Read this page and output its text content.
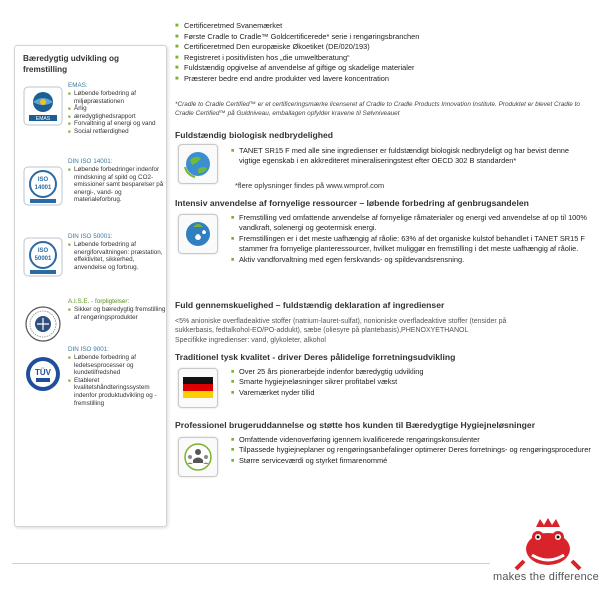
■ Certificeretmed Svanemærket
■ Første Cradle to Cradle™ Goldcertificerede* serie i rengøringsbranchen
■ Certificeretmed Den europæiske Økoetiket (DE/020/193)
■ Registreret i positivlisten hos „die umweltberatung“
■ Fuldstændig opgivelse af anvendelse af giftige og skadelige materialer
■ Præsterer bedre end andre produkter ved lavere koncentration
*Cradle to Cradle Certified™ er et certificeringsmærke licenseret af Cradle to Cradle Products Innovation Institute. Produktet er blevet Cradle to Cradle Certified™ på Guldniveau, emballagen opfylder kravene til Sølvniveauet
Bæredygtig udvikling og fremstilling
EMAS
EMAS:
■ Løbende forbedring af miljøpræstationen
■ Årlig
■ æredygtighedsrapport
■ Forvaltning af energi og vand
■ Social retfærdighed
ISO
14001
DIN ISO 14001:
■ Løbende forbedringer indenfor mindskning af spild og CO2-emissioner samt besparelser på energi-, vand- og materialeforbrug.
ISO
50001
DIN ISO 50001:
■ Løbende forbedring af energiforvaltningen: præstation, effektivitet, sikkerhed, anvendelse og forbrug.
A.I.S.E. - forpligtelser:
■ Sikker og bæredygtig fremstilling af rengøringsprodukter
TÜV
DIN ISO 9001:
■ Løbende forbedring af ledelsesprocesser og kundetilfredshed
■ Etableret kvalitetshåndteringssystem indenfor produktudvikling og -fremstilling
Fuldstændig biologisk nedbrydelighed
■ TANET SR15 F med alle sine ingredienser er fuldstændigt biologisk nedbrydeligt og har bevist denne vigtige egenskab i en akkrediteret mineraliseringstest efter OECD 302 B standarden*
*flere oplysninger findes på www.wmprof.com
Intensiv anvendelse af fornyelige ressourcer – løbende forbedring af genbrugsandelen
■ Fremstilling ved omfattende anvendelse af fornyelige råmaterialer og energi ved anvendelse af op til 100% vandkraft, solenergi og geotermisk energi.
■ Fremstillingen er i det meste uafhængig af råolie: 63% af det organiske kulstof behandlet i TANET SR15 F stammer fra fornyelige planteressourcer, hvilket muliggør en fremstilling i det meste uafhængig af råolie.
■ Aktiv vandforvaltning med egen ferskvands- og spildevandsrensning.
Fuld gennemskuelighed – fuldstændig deklaration af ingredienser
<5% anioniske overfladeaktive stoffer (natrium-lauret-sulfat), nonioniske overfladeaktive stoffer (tensider på
sukkerbasis, fedtalkohol-EO/PO-addukt), sæbe (oliesyre på plantebasis),PHENOXYETHANOL
Specifikke ingredienser: vand, glykoleter, alkohol
Traditionel tysk kvalitet - driver Deres pålidelige forretningsudvikling
■ Over 25 års pionerarbejde indenfor bæredygtig udvikling
■ Smarte hygiejneløsninger sikrer profitabel vækst
■ Varemærket nyder tillid
Professionel brugeruddannelse og støtte hos kunden til Bæredygtige Hygiejneløsninger
■ Omfattende videnoverføring igennem kvalificerede rengøringskonsulenter
■ Tilpassede hygiejneplaner og rengøringsanbefalinger optimerer Deres forretnings- og rengøringsprocedurer
■ Større serviceværdi og styrket firmarenommé
makes the difference
